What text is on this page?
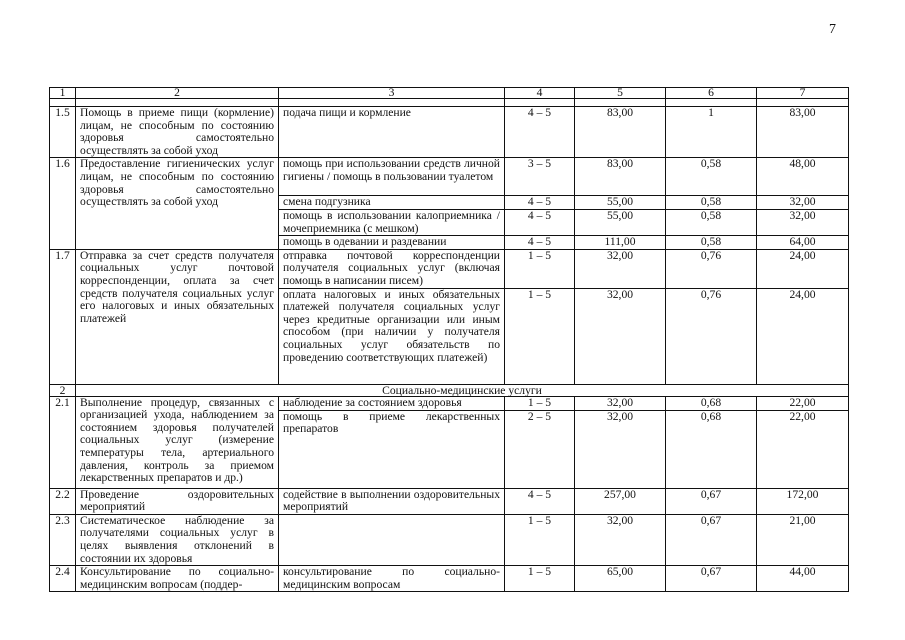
7
1	2	3	4	5	6	7

1.5	Помощь в приеме пищи (кормление) лицам, не способным по состоянию здоровья самостоятельно осуществлять за собой уход	подача пищи и кормление	4 – 5	83,00	1	83,00
1.6	Предоставление гигиенических услуг лицам, не способным по состоянию здоровья самостоятельно осуществлять за собой уход	помощь при использовании средств личной гигиены / помощь в пользовании туалетом	3 – 5	83,00	0,58	48,00
		смена подгузника	4 – 5	55,00	0,58	32,00
		помощь в использовании калоприемника / мочеприемника (с мешком)	4 – 5	55,00	0,58	32,00
		помощь в одевании и раздевании	4 – 5	111,00	0,58	64,00
1.7	Отправка за счет средств получателя социальных услуг почтовой корреспонденции, оплата за счет средств получателя социальных услуг его налоговых и иных обязательных платежей	отправка почтовой корреспонденции получателя социальных услуг (включая помощь в написании писем)	1 – 5	32,00	0,76	24,00
		оплата налоговых и иных обязательных платежей получателя социальных услуг через кредитные организации или иным способом (при наличии у получателя социальных услуг обязательств по проведению соответствующих платежей)	1 – 5	32,00	0,76	24,00
2	Социально-медицинские услуги					
2.1	Выполнение процедур, связанных с организацией ухода, наблюдением за состоянием здоровья получателей социальных услуг (измерение температуры тела, артериального давления, контроль за приемом лекарственных препаратов и др.)	наблюдение за состоянием здоровья	1 – 5	32,00	0,68	22,00
		помощь в приеме лекарственных препаратов	2 – 5	32,00	0,68	22,00
2.2	Проведение оздоровительных мероприятий	содействие в выполнении оздоровительных мероприятий	4 – 5	257,00	0,67	172,00
2.3	Систематическое наблюдение за получателями социальных услуг в целях выявления отклонений в состоянии их здоровья		1 – 5	32,00	0,67	21,00
2.4	Консультирование по социально-медицинским вопросам (поддер-	консультирование по социально-медицинским вопросам	1 – 5	65,00	0,67	44,00
